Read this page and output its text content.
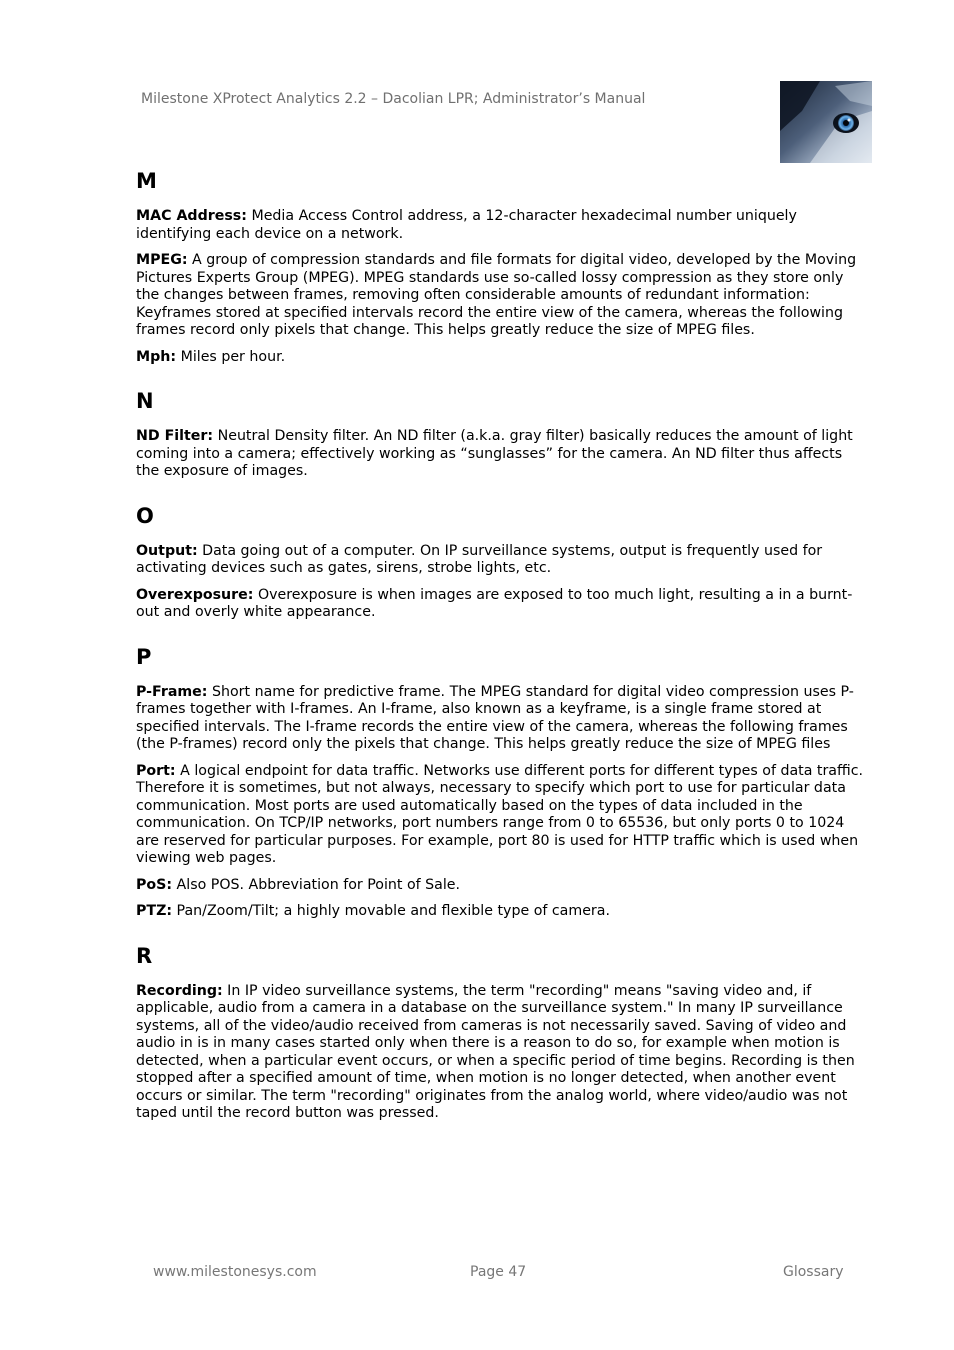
Milestone XProtect Analytics 2.2 – Dacolian LPR; Administrator’s Manual
M

MAC Address: Media Access Control address, a 12-character hexadecimal number uniquely identifying each device on a network.

MPEG: A group of compression standards and file formats for digital video, developed by the Moving Pictures Experts Group (MPEG). MPEG standards use so-called lossy compression as they store only the changes between frames, removing often considerable amounts of redundant information: Keyframes stored at specified intervals record the entire view of the camera, whereas the following frames record only pixels that change. This helps greatly reduce the size of MPEG files.

Mph: Miles per hour.

N

ND Filter: Neutral Density filter. An ND filter (a.k.a. gray filter) basically reduces the amount of light coming into a camera; effectively working as “sunglasses” for the camera. An ND filter thus affects the exposure of images.

O

Output: Data going out of a computer. On IP surveillance systems, output is frequently used for activating devices such as gates, sirens, strobe lights, etc.

Overexposure: Overexposure is when images are exposed to too much light, resulting a in a burnt-out and overly white appearance.

P

P-Frame: Short name for predictive frame. The MPEG standard for digital video compression uses P-frames together with I-frames. An I-frame, also known as a keyframe, is a single frame stored at specified intervals. The I-frame records the entire view of the camera, whereas the following frames (the P-frames) record only the pixels that change. This helps greatly reduce the size of MPEG files

Port: A logical endpoint for data traffic. Networks use different ports for different types of data traffic. Therefore it is sometimes, but not always, necessary to specify which port to use for particular data communication. Most ports are used automatically based on the types of data included in the communication. On TCP/IP networks, port numbers range from 0 to 65536, but only ports 0 to 1024 are reserved for particular purposes. For example, port 80 is used for HTTP traffic which is used when viewing web pages.

PoS: Also POS. Abbreviation for Point of Sale.

PTZ: Pan/Zoom/Tilt; a highly movable and flexible type of camera.

R

Recording: In IP video surveillance systems, the term "recording" means "saving video and, if applicable, audio from a camera in a database on the surveillance system." In many IP surveillance systems, all of the video/audio received from cameras is not necessarily saved. Saving of video and audio in is in many cases started only when there is a reason to do so, for example when motion is detected, when a particular event occurs, or when a specific period of time begins. Recording is then stopped after a specified amount of time, when motion is no longer detected, when another event occurs or similar. The term "recording" originates from the analog world, where video/audio was not taped until the record button was pressed.

www.milestonesys.com	Page 47	Glossary
